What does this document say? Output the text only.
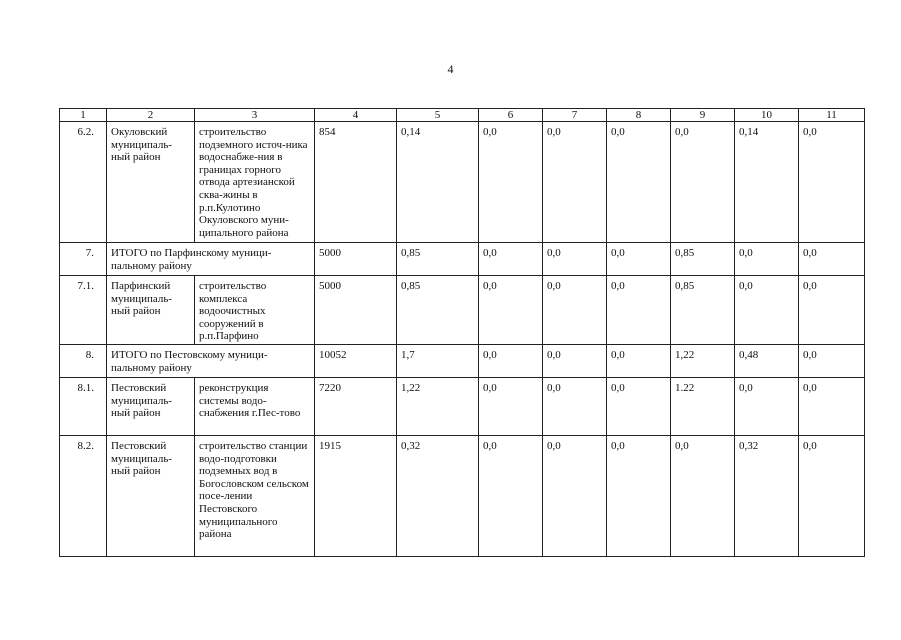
4
1	2	3	4	5	6	7	8	9	10	11
6.2.	Окуловский муниципаль-ный район	строительство подземного источ-ника водоснабже-ния в границах горного отвода артезианской сква-жины в р.п.Кулотино Окуловского муни-ципального района	854	0,14	0,0	0,0	0,0	0,0	0,14	0,0
7.	ИТОГО по Парфинскому муници-пальному району		5000	0,85	0,0	0,0	0,0	0,85	0,0	0,0
7.1.	Парфинский муниципаль-ный район	строительство комплекса водоочистных сооружений в р.п.Парфино	5000	0,85	0,0	0,0	0,0	0,85	0,0	0,0
8.	ИТОГО по Пестовскому муници-пальному району		10052	1,7	0,0	0,0	0,0	1,22	0,48	0,0
8.1.	Пестовский муниципаль-ный район	реконструкция системы водо-снабжения г.Пес-тово	7220	1,22	0,0	0,0	0,0	1.22	0,0	0,0
8.2.	Пестовский муниципаль-ный район	строительство станции водо-подготовки подземных вод в Богословском сельском посе-лении Пестовского муниципального района	1915	0,32	0,0	0,0	0,0	0,0	0,32	0,0
